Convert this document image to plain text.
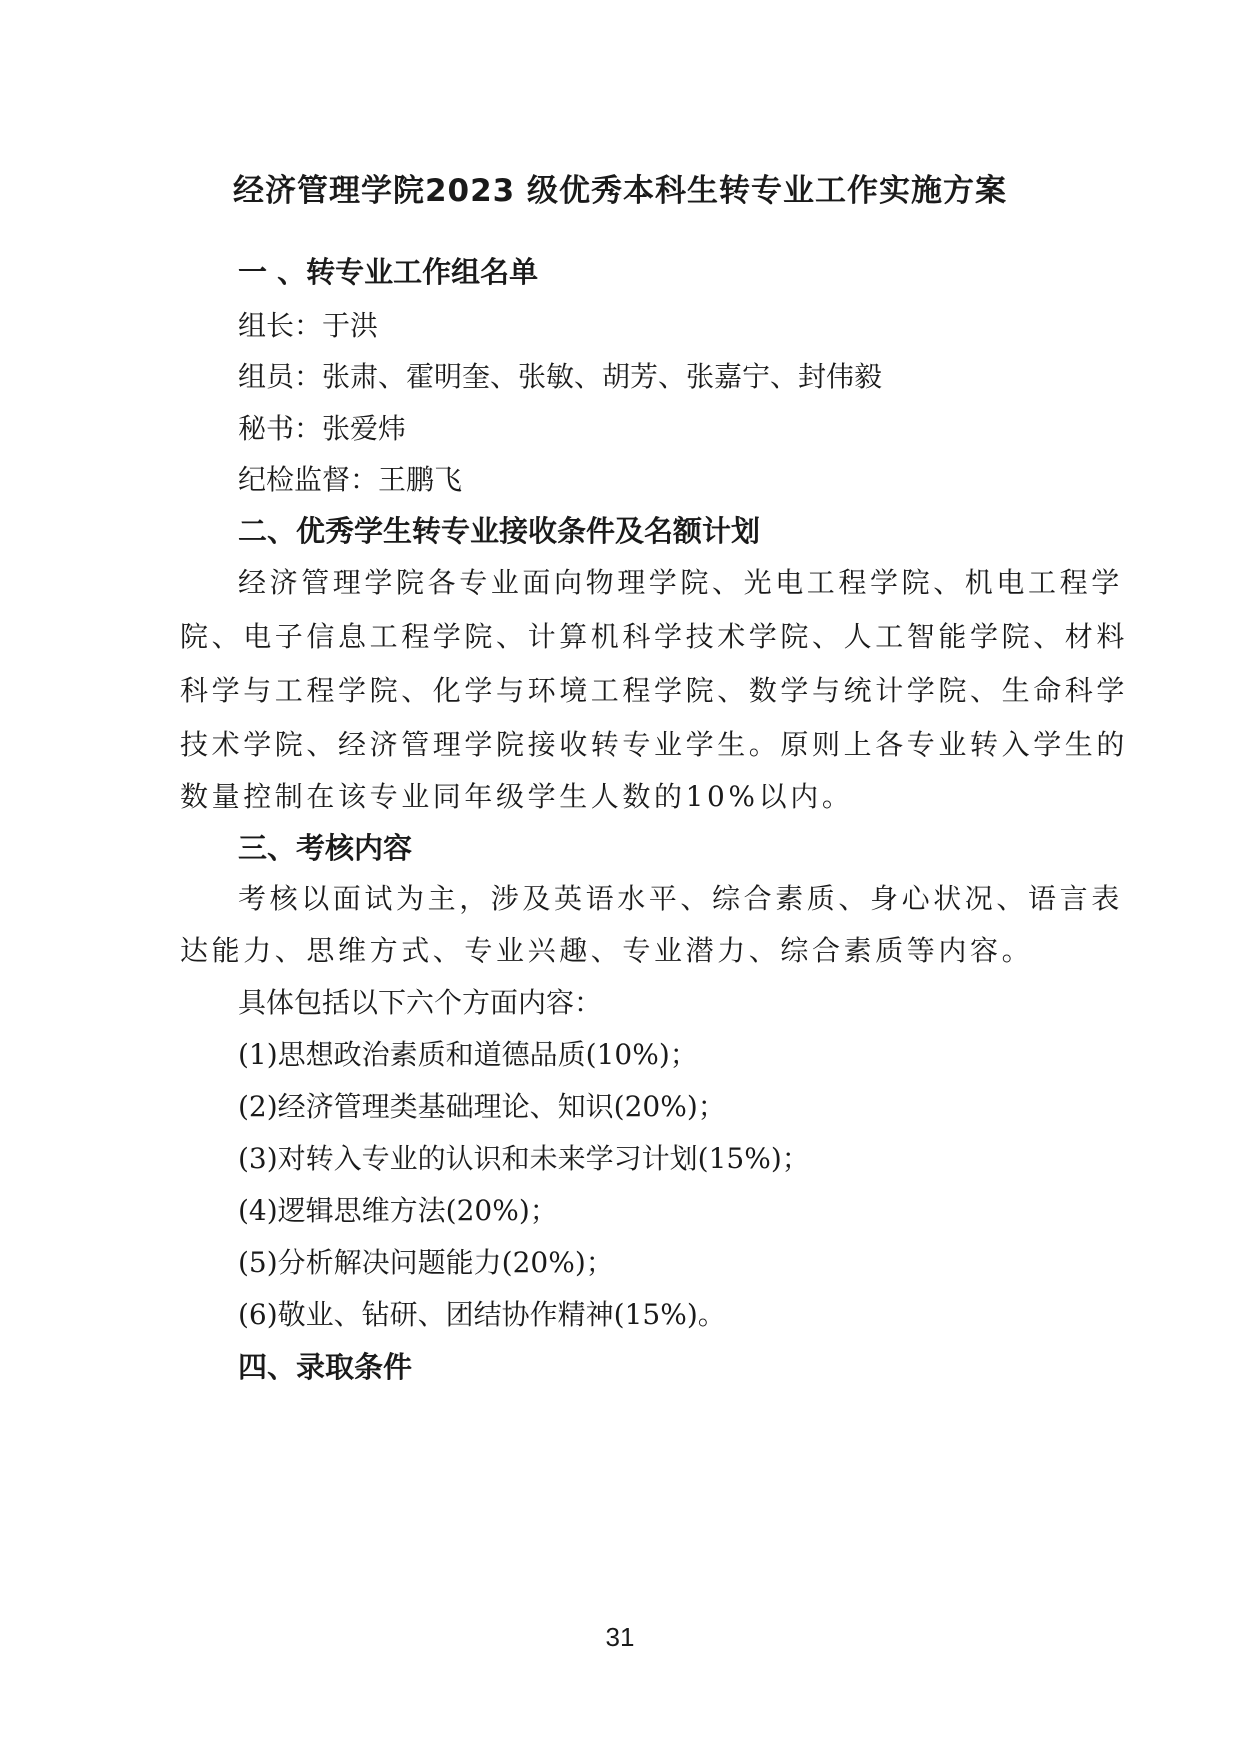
经济管理学院2023 级优秀本科生转专业工作实施方案
一 、转专业工作组名单
组长：于洪
组员：张肃、霍明奎、张敏、胡芳、张嘉宁、封伟毅
秘书：张爱炜
纪检监督：王鹏飞
二、优秀学生转专业接收条件及名额计划
经济管理学院各专业面向物理学院、光电工程学院、机电工程学
院、电子信息工程学院、计算机科学技术学院、人工智能学院、材料
科学与工程学院、化学与环境工程学院、数学与统计学院、生命科学
技术学院、经济管理学院接收转专业学生。原则上各专业转入学生的
数量控制在该专业同年级学生人数的10%以内。
三、考核内容
考核以面试为主，涉及英语水平、综合素质、身心状况、语言表
达能力、思维方式、专业兴趣、专业潜力、综合素质等内容。
具体包括以下六个方面内容：
(1)思想政治素质和道德品质(10%)；
(2)经济管理类基础理论、知识(20%)；
(3)对转入专业的认识和未来学习计划(15%)；
(4)逻辑思维方法(20%)；
(5)分析解决问题能力(20%)；
(6)敬业、钻研、团结协作精神(15%)。
四、录取条件
31
